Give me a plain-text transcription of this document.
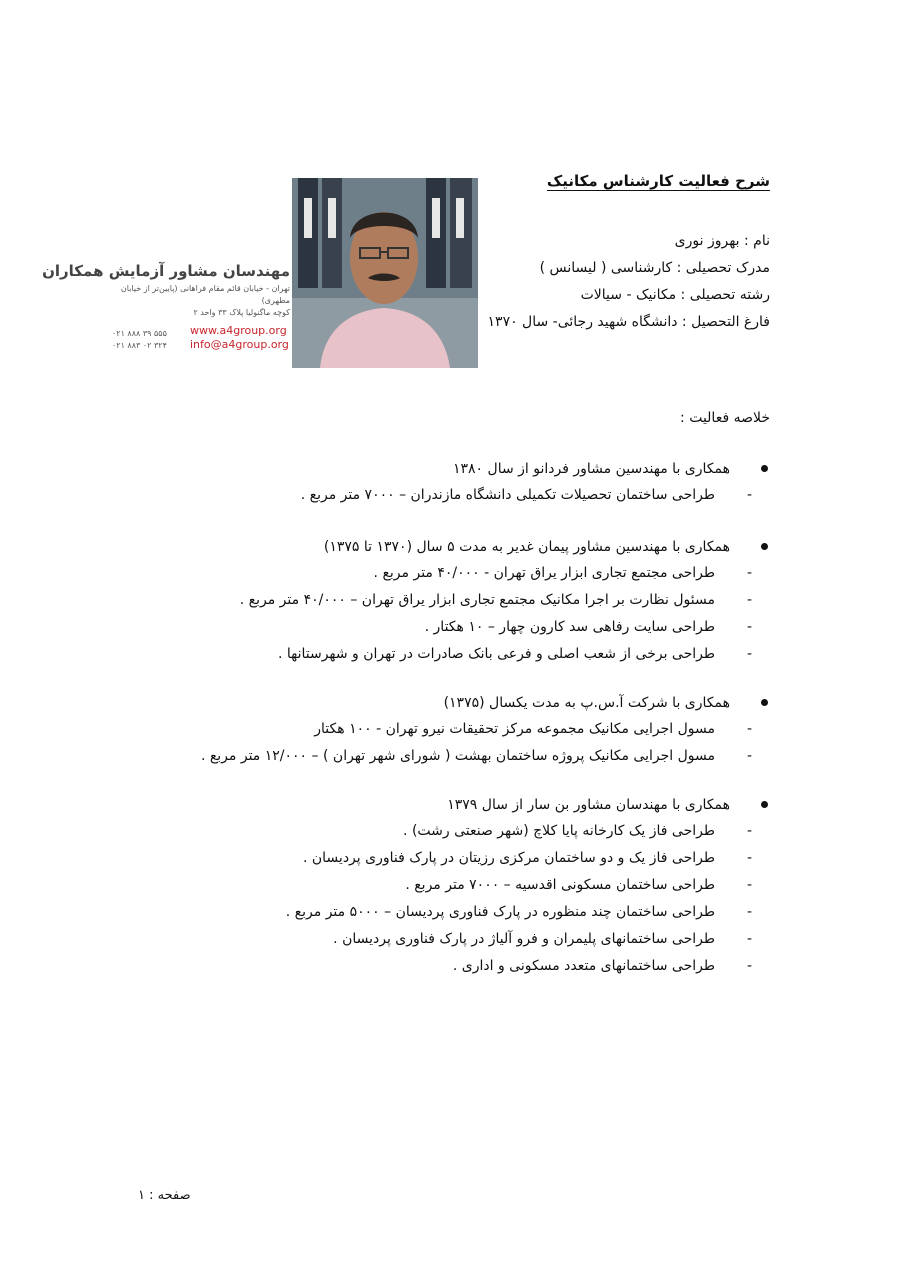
شرح فعالیت کارشناس مکانیک
نام : بهروز نوری
مدرک تحصیلی : کارشناسی ( لیسانس )
رشته تحصیلی : مکانیک - سیالات
فارغ التحصیل : دانشگاه شهید رجائی- سال ۱۳۷۰
مهندسان مشاور آزمایش همکاران
تهران - خیابان قائم مقام فراهانی (پایین‌تر از خیابان مطهری)
کوچه ماگنولیا پلاک ۳۳ واحد ۲
۰۲۱ ۸۸۸ ۳۹ ۵۵۵
۰۲۱ ۸۸۳ ۰۲ ۳۲۴
www.a4group.org
info@a4group.org
خلاصه فعالیت :
همکاری با مهندسین مشاور فردانو از سال ۱۳۸۰
-
طراحی ساختمان تحصیلات تکمیلی دانشگاه مازندران – ۷۰۰۰ متر مربع .
همکاری با مهندسین مشاور پیمان غدیر به مدت ۵ سال (۱۳۷۰ تا ۱۳۷۵)
-
طراحی مجتمع تجاری ابزار یراق تهران - ۴۰/۰۰۰ متر مربع .
-
مسئول نظارت بر اجرا مکانیک مجتمع تجاری ابزار یراق تهران – ۴۰/۰۰۰ متر مربع .
-
طراحی سایت رفاهی سد کارون چهار – ۱۰ هکتار .
-
طراحی برخی از شعب اصلی و فرعی بانک صادرات در تهران و شهرستانها .
همکاری با شرکت آ.س.پ به مدت یکسال (۱۳۷۵)
-
مسول اجرایی مکانیک مجموعه مرکز تحقیقات نیرو تهران - ۱۰۰ هکتار
-
مسول اجرایی مکانیک پروژه ساختمان بهشت ( شورای شهر تهران ) – ۱۲/۰۰۰ متر مربع .
همکاری با مهندسان مشاور بن سار از سال ۱۳۷۹
-
طراحی فاز یک کارخانه پایا کلاچ (شهر صنعتی رشت) .
-
طراحی فاز یک و دو ساختمان مرکزی رزیتان در پارک فناوری پردیسان .
-
طراحی ساختمان مسکونی اقدسیه – ۷۰۰۰ متر مربع .
-
طراحی ساختمان چند منظوره در پارک فناوری پردیسان – ۵۰۰۰ متر مربع .
-
طراحی ساختمانهای پلیمران و فرو آلیاژ در پارک فناوری پردیسان .
-
طراحی ساختمانهای متعدد مسکونی و اداری .
صفحه : ۱
